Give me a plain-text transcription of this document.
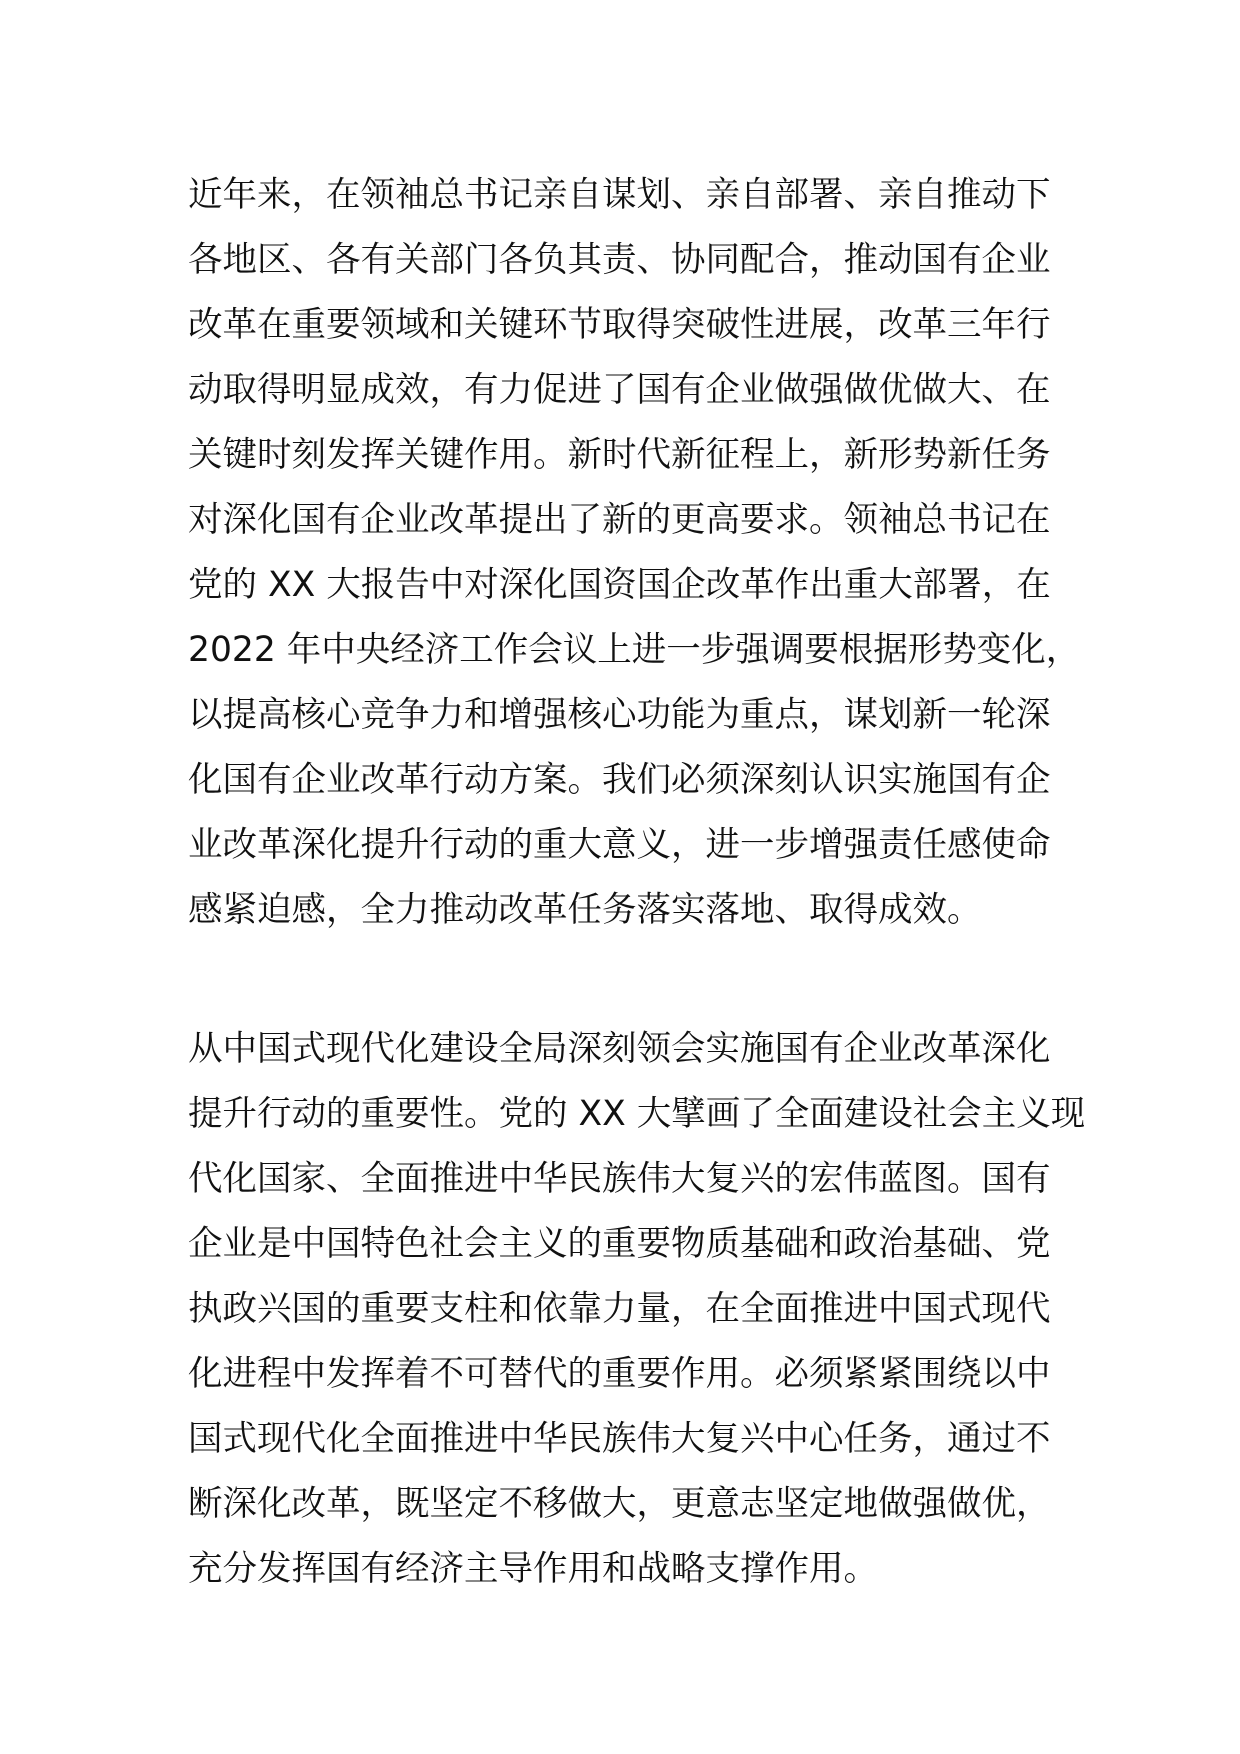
近年来，在领袖总书记亲自谋划、亲自部署、亲自推动下
各地区、各有关部门各负其责、协同配合，推动国有企业
改革在重要领域和关键环节取得突破性进展，改革三年行
动取得明显成效，有力促进了国有企业做强做优做大、在
关键时刻发挥关键作用。新时代新征程上，新形势新任务
对深化国有企业改革提出了新的更高要求。领袖总书记在
党的 XX 大报告中对深化国资国企改革作出重大部署，在
2022 年中央经济工作会议上进一步强调要根据形势变化，
以提高核心竞争力和增强核心功能为重点，谋划新一轮深
化国有企业改革行动方案。我们必须深刻认识实施国有企
业改革深化提升行动的重大意义，进一步增强责任感使命
感紧迫感，全力推动改革任务落实落地、取得成效。
从中国式现代化建设全局深刻领会实施国有企业改革深化
提升行动的重要性。党的 XX 大擘画了全面建设社会主义现
代化国家、全面推进中华民族伟大复兴的宏伟蓝图。国有
企业是中国特色社会主义的重要物质基础和政治基础、党
执政兴国的重要支柱和依靠力量，在全面推进中国式现代
化进程中发挥着不可替代的重要作用。必须紧紧围绕以中
国式现代化全面推进中华民族伟大复兴中心任务，通过不
断深化改革，既坚定不移做大，更意志坚定地做强做优，
充分发挥国有经济主导作用和战略支撑作用。
